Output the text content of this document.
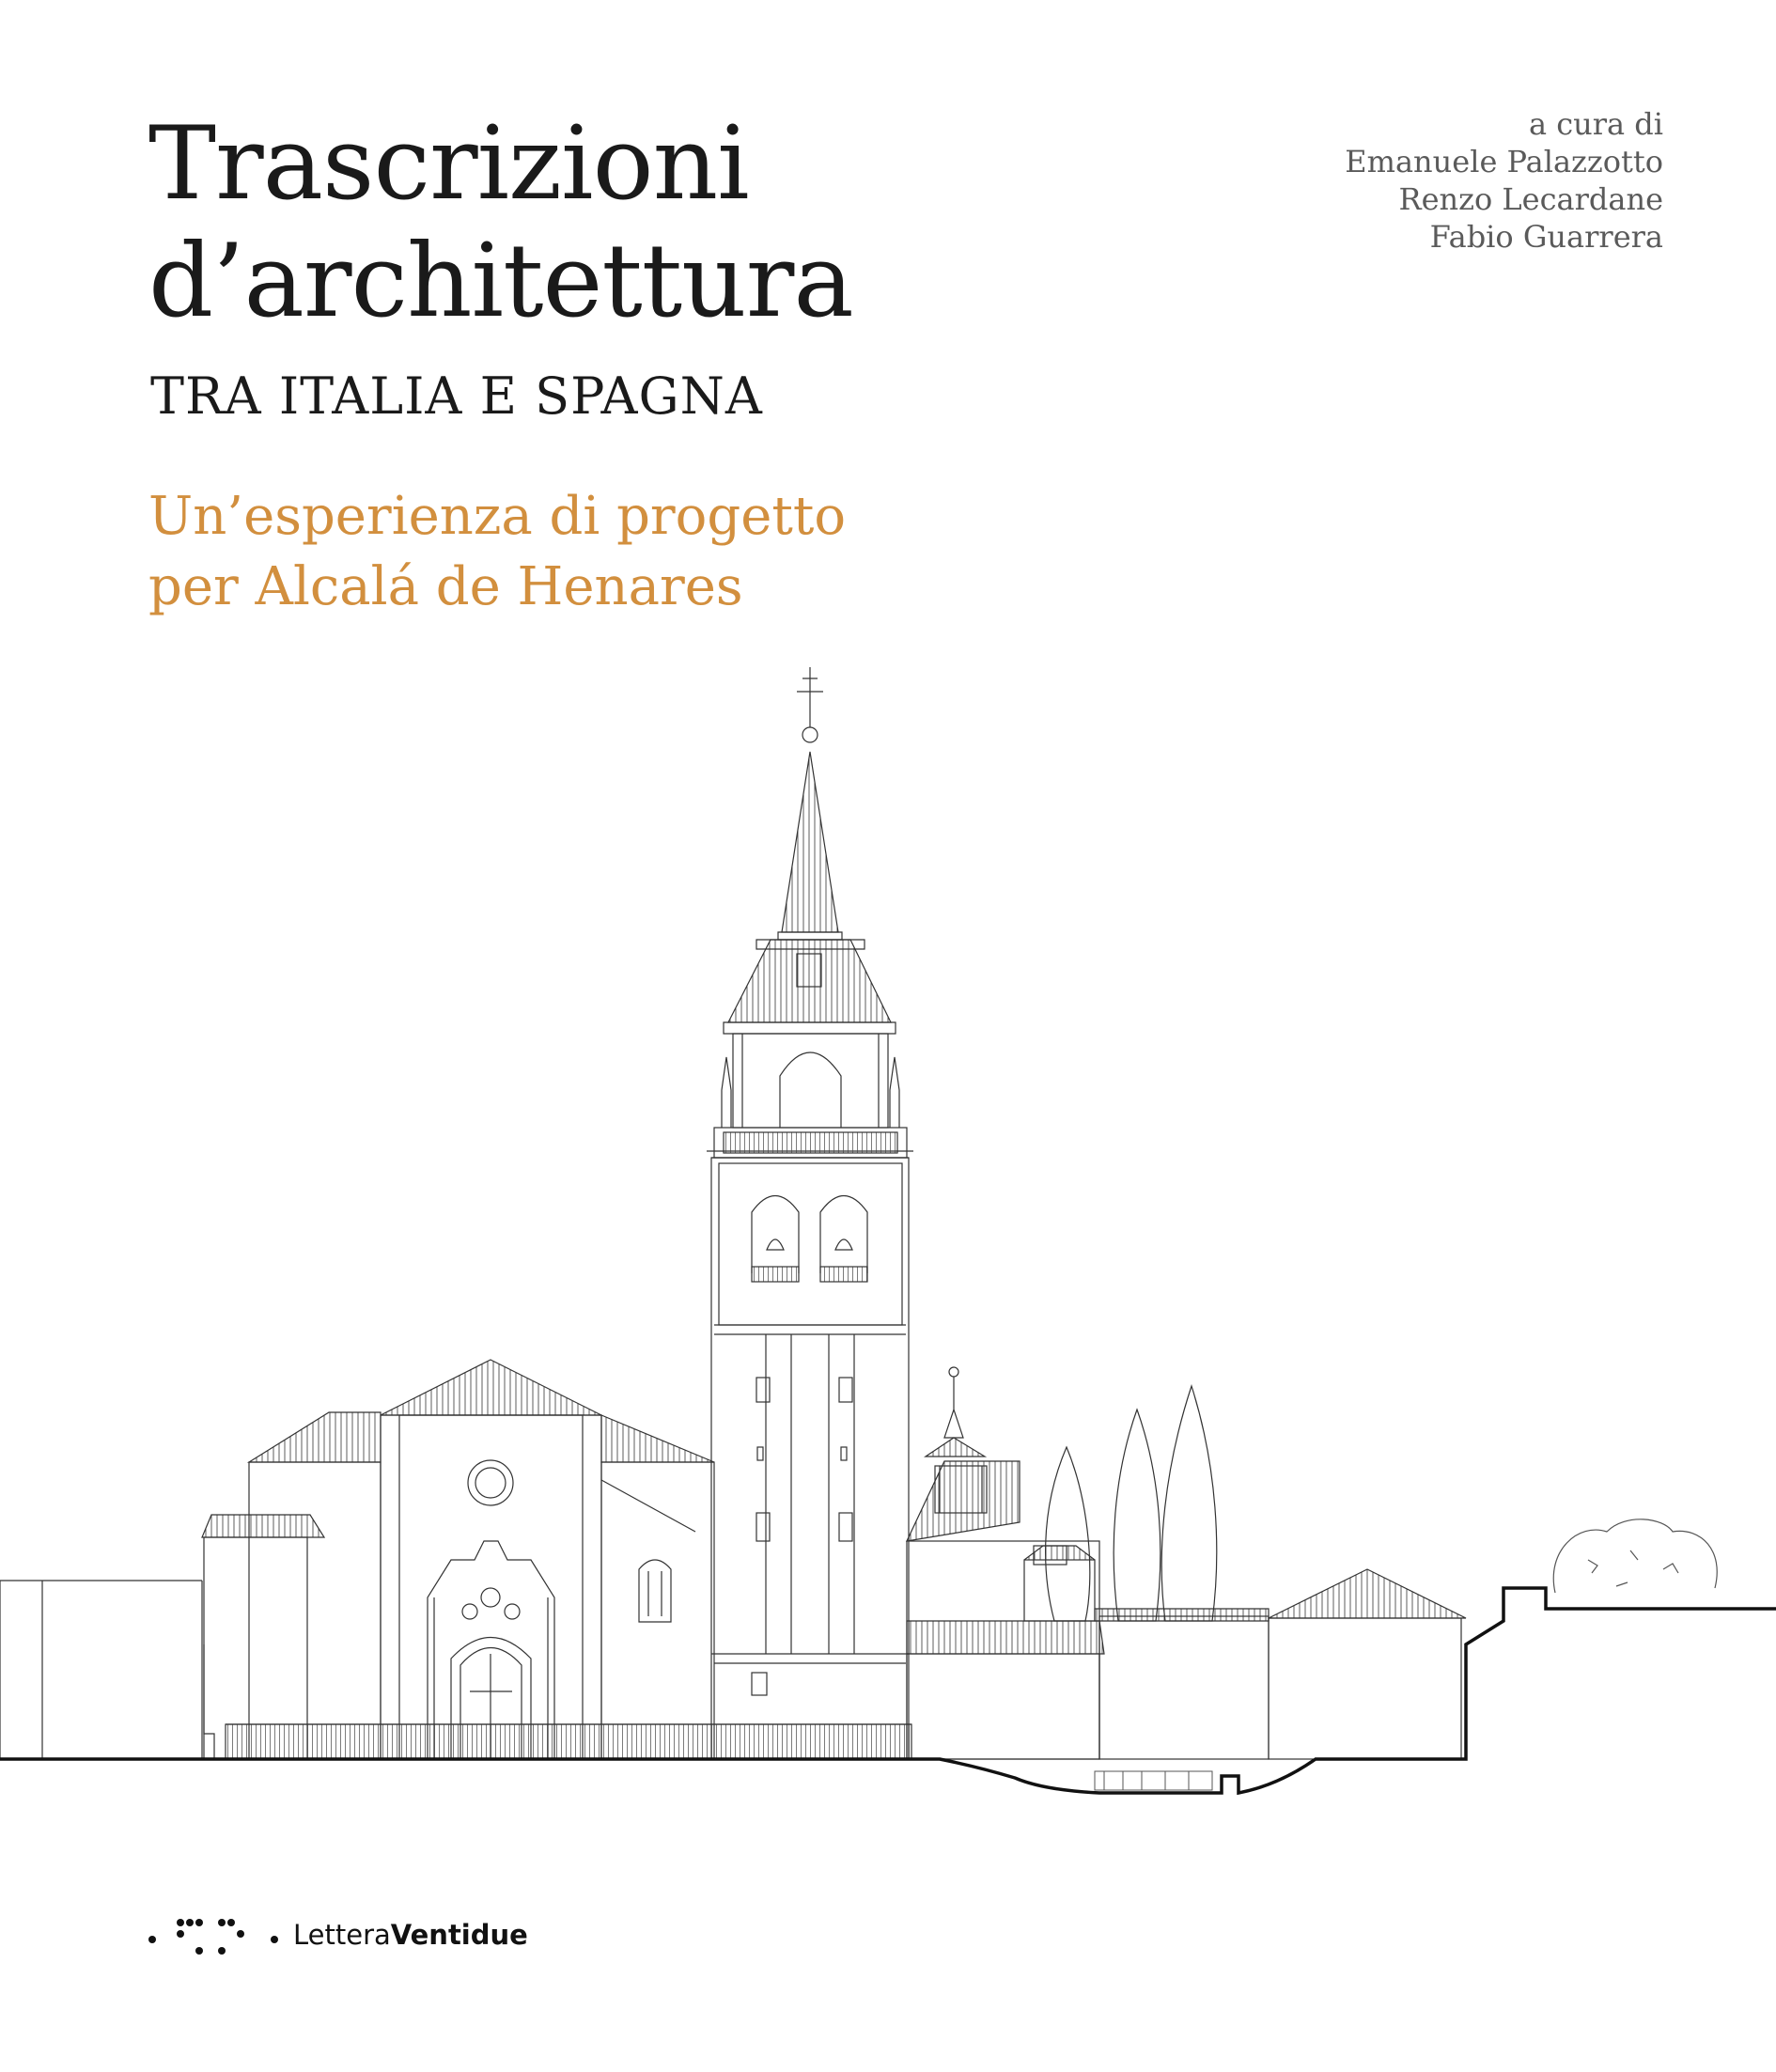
Trascrizioni
d’architettura
TRA ITALIA E SPAGNA
Un’esperienza di progetto
per Alcalá de Henares
a cura di
Emanuele Palazzotto
Renzo Lecardane
Fabio Guarrera
LetteraVentidue
